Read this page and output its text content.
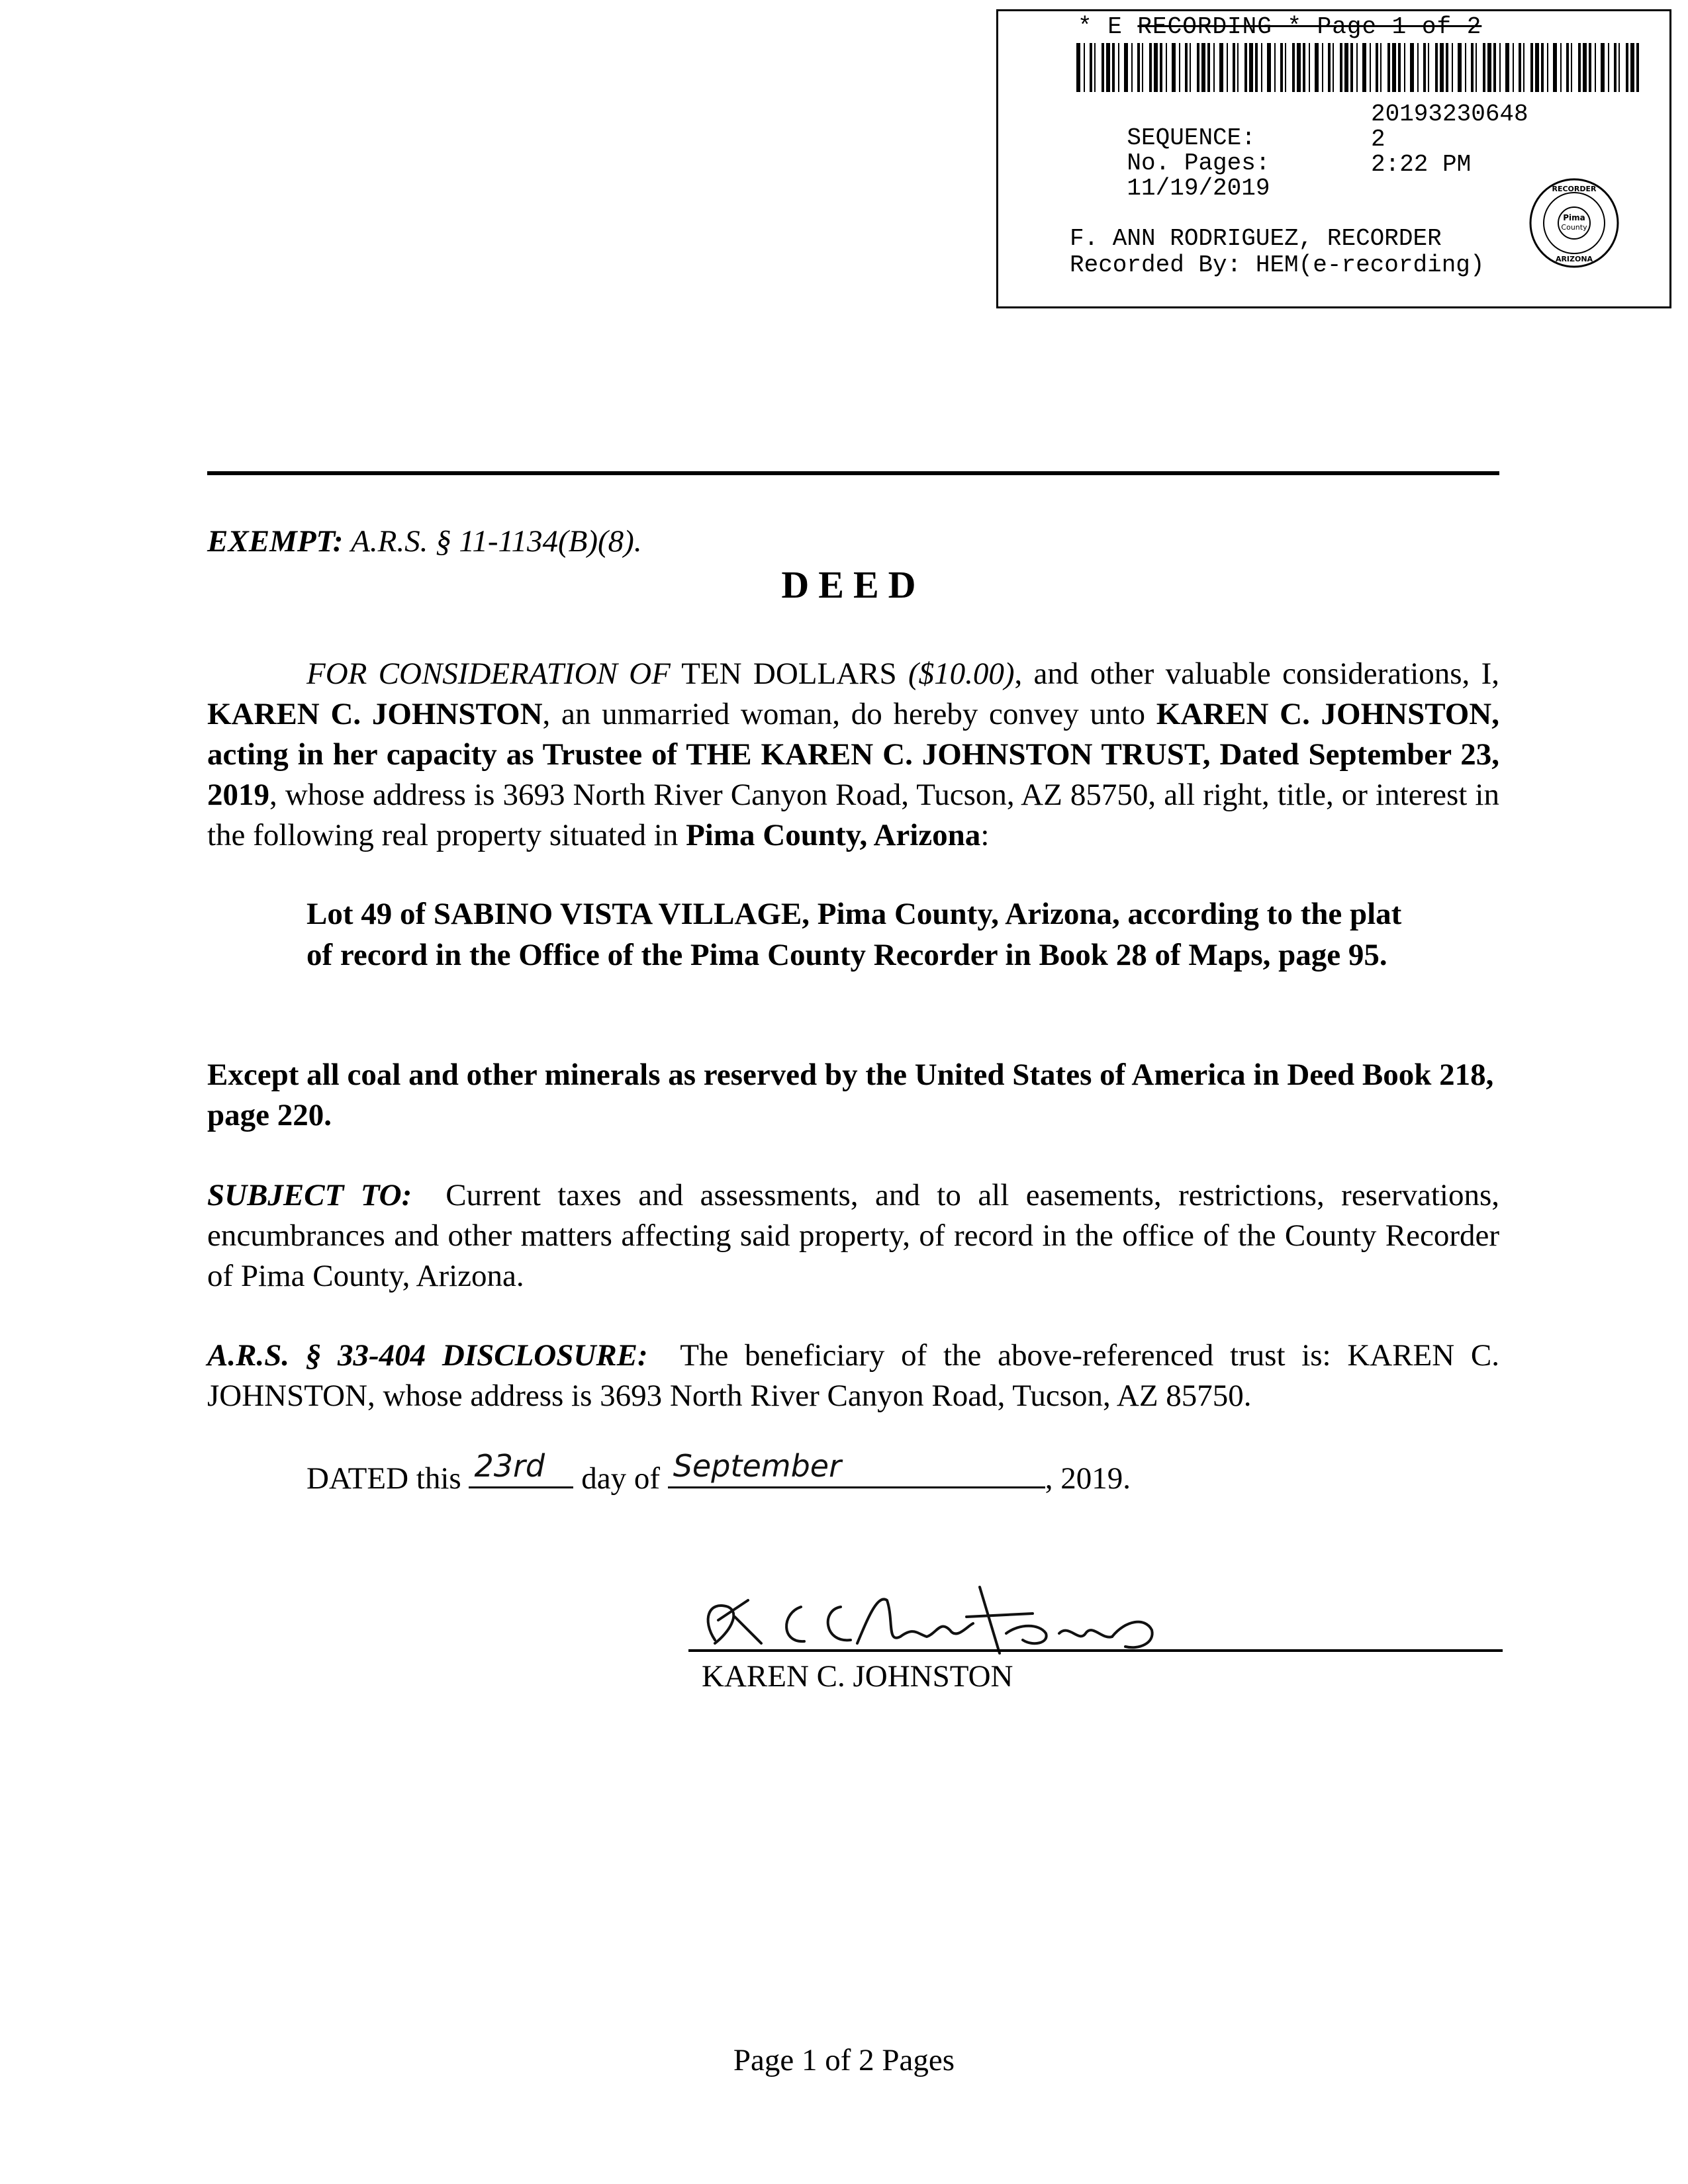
* E RECORDING * Page 1 of 2

SEQUENCE:

20193230648

No. Pages:

2

11/19/2019

2:22 PM

F. ANN RODRIGUEZ, RECORDER
Recorded By: HEM(e-recording)
Pima
County
RECORDER
ARIZONA
EXEMPT: A.R.S. § 11-1134(B)(8).
DEED
FOR CONSIDERATION OF TEN DOLLARS ($10.00), and other valuable considerations, I, KAREN C. JOHNSTON, an unmarried woman, do hereby convey unto KAREN C. JOHNSTON, acting in her capacity as Trustee of THE KAREN C. JOHNSTON TRUST, Dated September 23, 2019, whose address is 3693 North River Canyon Road, Tucson, AZ 85750, all right, title, or interest in the following real property situated in Pima County, Arizona:
Lot 49 of SABINO VISTA VILLAGE, Pima County, Arizona, according to the plat of record in the Office of the Pima County Recorder in Book 28 of Maps, page 95.
Except all coal and other minerals as reserved by the United States of America in Deed Book 218, page 220.
SUBJECT TO: Current taxes and assessments, and to all easements, restrictions, reservations, encumbrances and other matters affecting said property, of record in the office of the County Recorder of Pima County, Arizona.
A.R.S. § 33-404 DISCLOSURE: The beneficiary of the above-referenced trust is: KAREN C. JOHNSTON, whose address is 3693 North River Canyon Road, Tucson, AZ 85750.
DATED this 23rd day of September	, 2019.
KAREN C. JOHNSTON
Page 1 of 2 Pages
